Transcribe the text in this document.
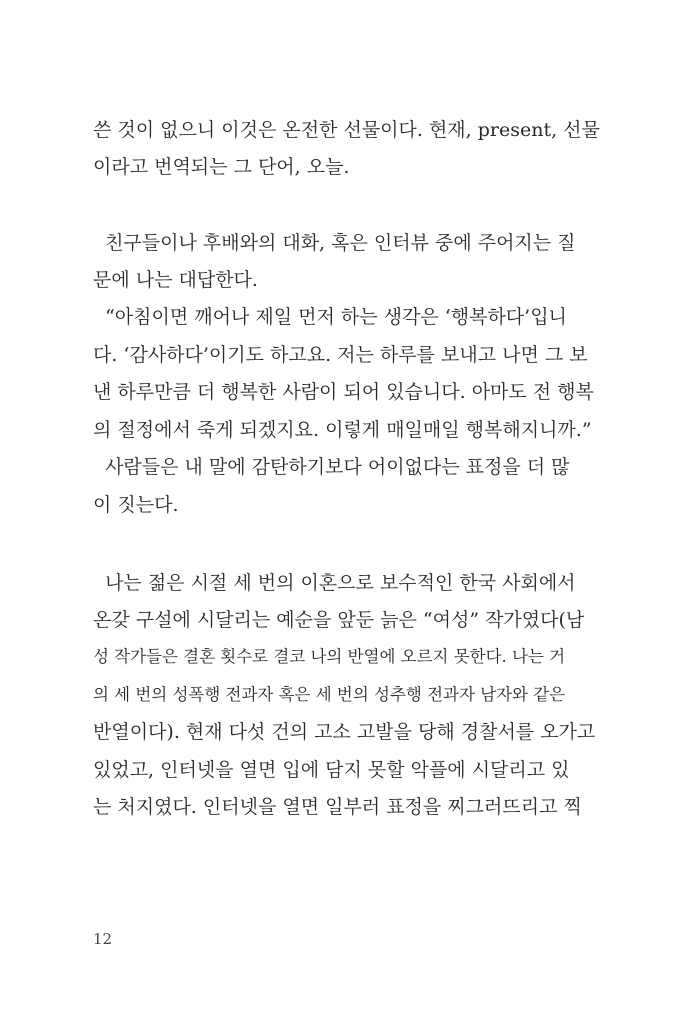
쓴 것이 없으니 이것은 온전한 선물이다. 현재, present, 선물
이라고 번역되는 그 단어, 오늘.
친구들이나 후배와의 대화, 혹은 인터뷰 중에 주어지는 질
문에 나는 대답한다.
“아침이면 깨어나 제일 먼저 하는 생각은 ‘행복하다’입니
다. ‘감사하다’이기도 하고요. 저는 하루를 보내고 나면 그 보
낸 하루만큼 더 행복한 사람이 되어 있습니다. 아마도 전 행복
의 절정에서 죽게 되겠지요. 이렇게 매일매일 행복해지니까.”
사람들은 내 말에 감탄하기보다 어이없다는 표정을 더 많
이 짓는다.
나는 젊은 시절 세 번의 이혼으로 보수적인 한국 사회에서
온갖 구설에 시달리는 예순을 앞둔 늙은 “여성” 작가였다(남
성 작가들은 결혼 횟수로 결코 나의 반열에 오르지 못한다. 나는 거
의 세 번의 성폭행 전과자 혹은 세 번의 성추행 전과자 남자와 같은
반열이다). 현재 다섯 건의 고소 고발을 당해 경찰서를 오가고
있었고, 인터넷을 열면 입에 담지 못할 악플에 시달리고 있
는 처지였다. 인터넷을 열면 일부러 표정을 찌그러뜨리고 찍
12
